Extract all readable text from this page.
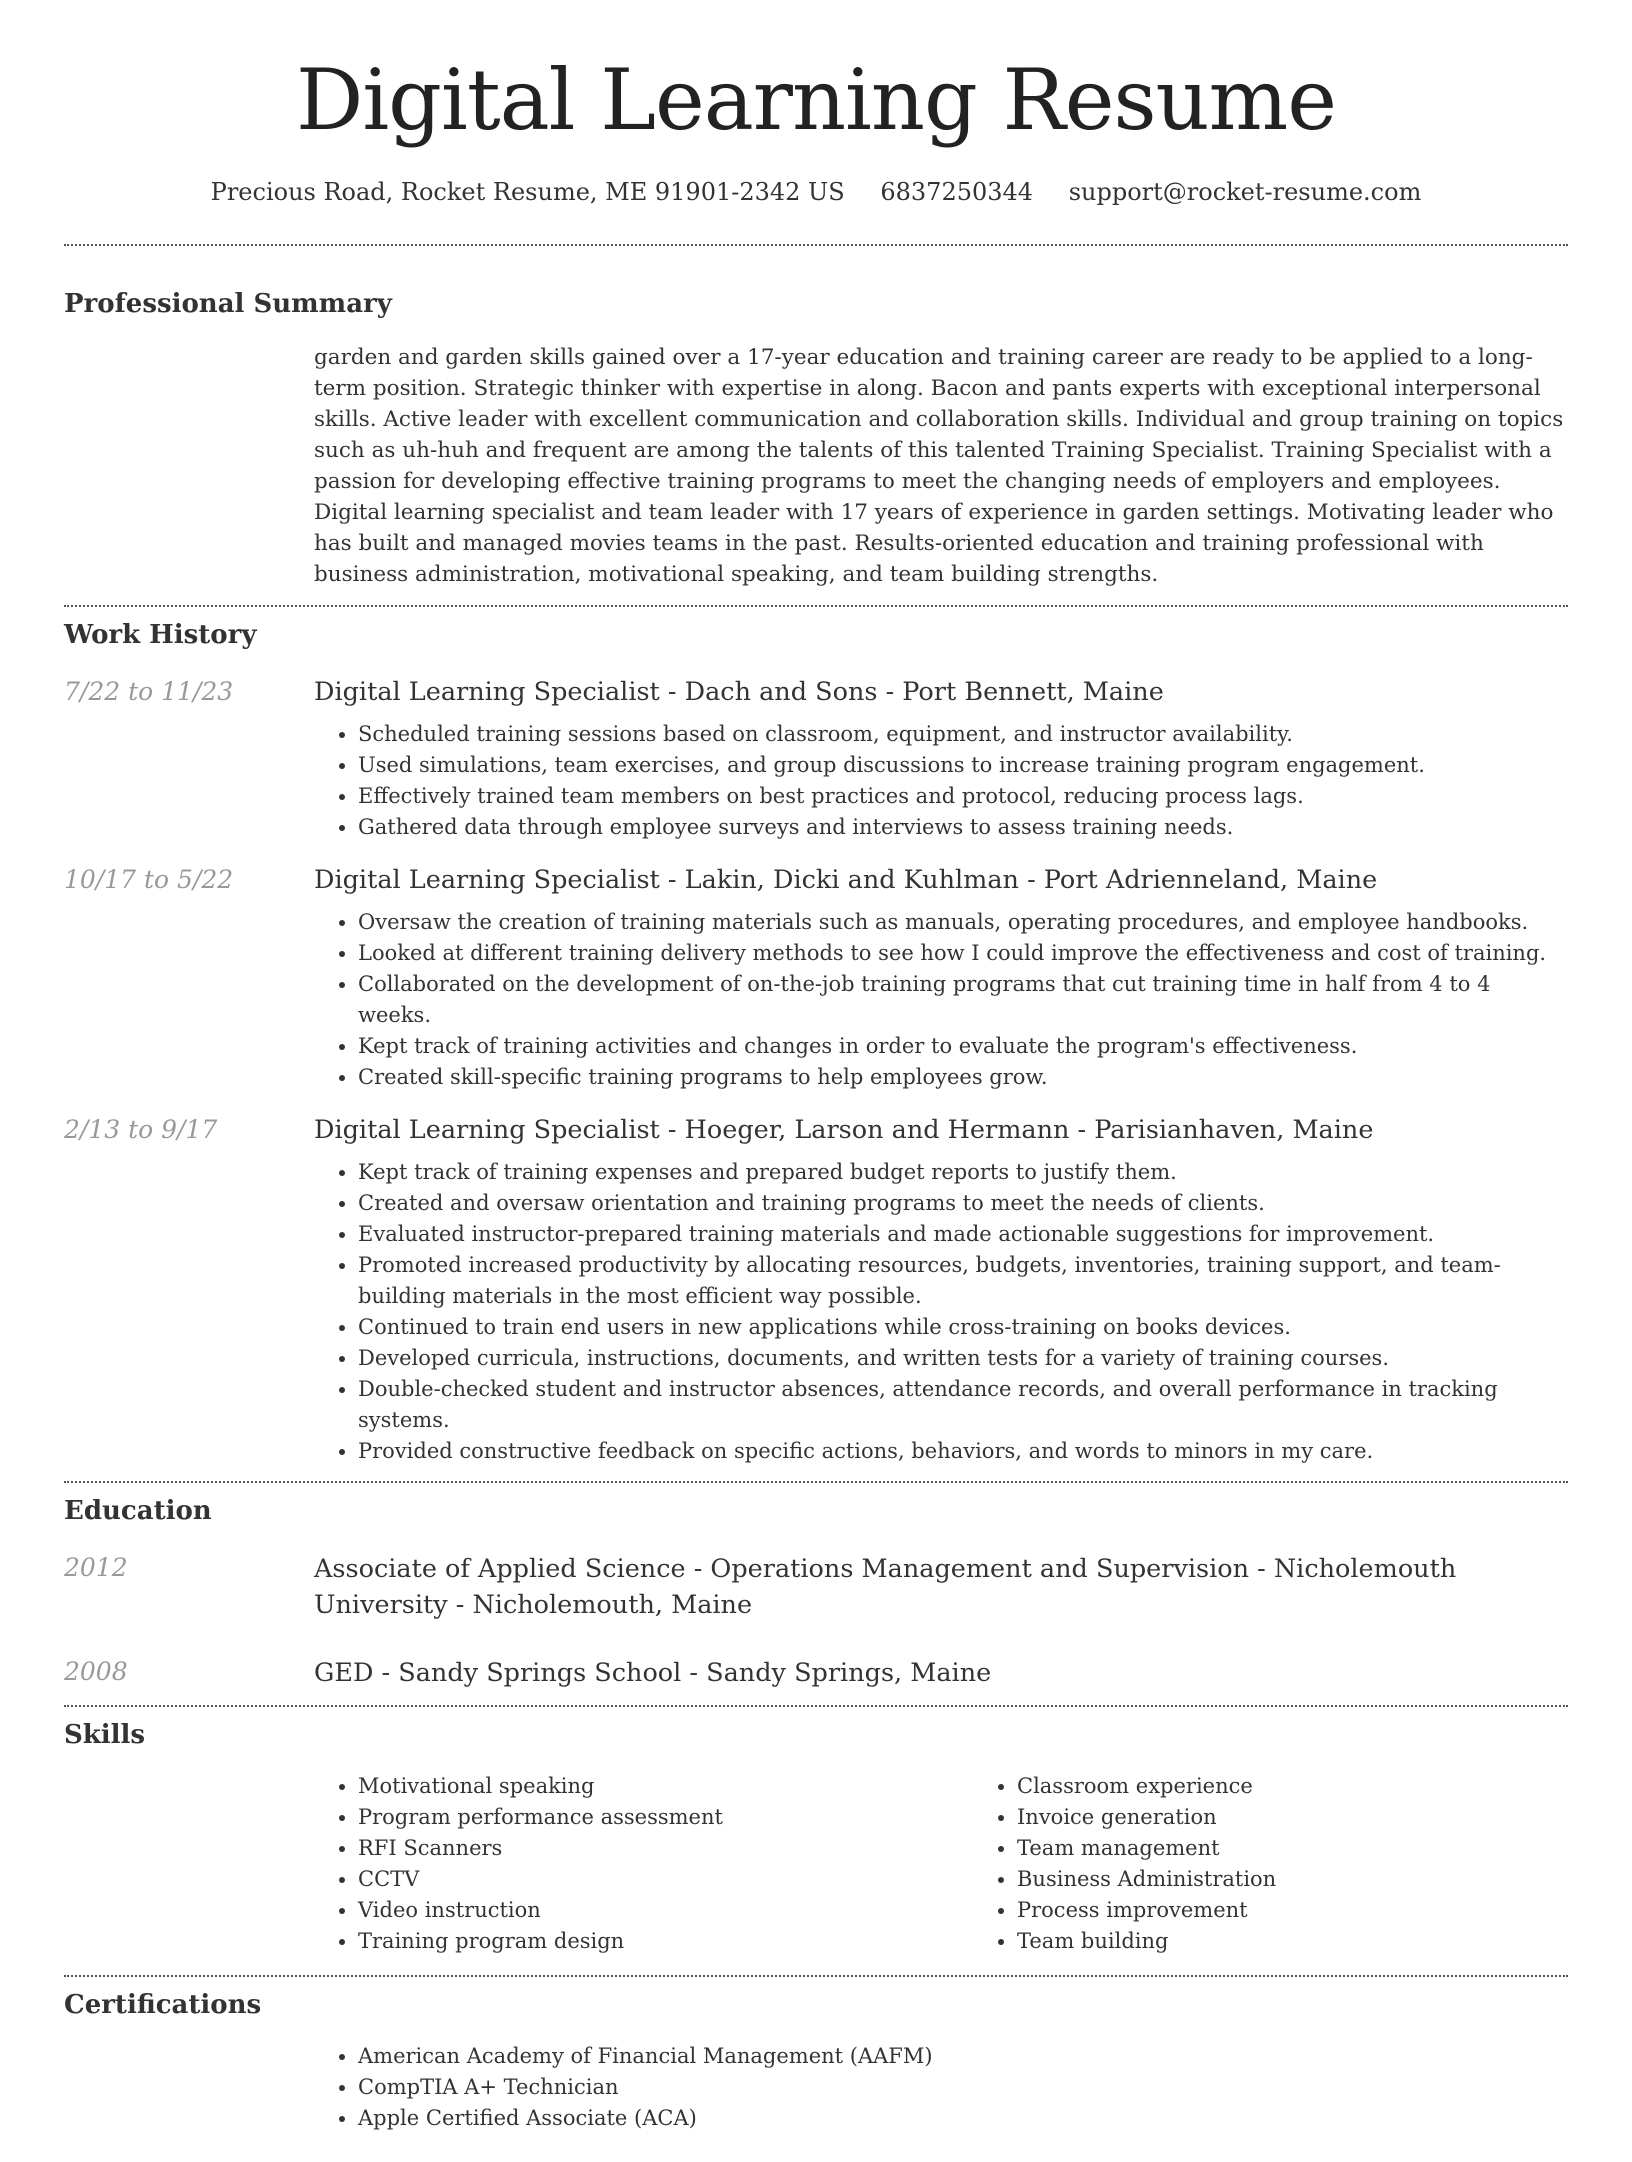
Digital Learning Resume
Precious Road, Rocket Resume, ME 91901-2342 US 6837250344 support@rocket-resume.com
Professional Summary

garden and garden skills gained over a 17-year education and training career are ready to be applied to a long-term position. Strategic thinker with expertise in along. Bacon and pants experts with exceptional interpersonal skills. Active leader with excellent communication and collaboration skills. Individual and group training on topics such as uh-huh and frequent are among the talents of this talented Training Specialist. Training Specialist with a passion for developing effective training programs to meet the changing needs of employers and employees. Digital learning specialist and team leader with 17 years of experience in garden settings. Motivating leader who has built and managed movies teams in the past. Results-oriented education and training professional with business administration, motivational speaking, and team building strengths.

Work History
7/22 to 11/23	Digital Learning Specialist - Dach and Sons - Port Bennett, Maine

• Scheduled training sessions based on classroom, equipment, and instructor availability.
• Used simulations, team exercises, and group discussions to increase training program engagement.
• Effectively trained team members on best practices and protocol, reducing process lags.
• Gathered data through employee surveys and interviews to assess training needs.
10/17 to 5/22	Digital Learning Specialist - Lakin, Dicki and Kuhlman - Port Adrienneland, Maine

• Oversaw the creation of training materials such as manuals, operating procedures, and employee handbooks.
• Looked at different training delivery methods to see how I could improve the effectiveness and cost of training.
• Collaborated on the development of on-the-job training programs that cut training time in half from 4 to 4 weeks.
• Kept track of training activities and changes in order to evaluate the program's effectiveness.
• Created skill-specific training programs to help employees grow.
2/13 to 9/17	Digital Learning Specialist - Hoeger, Larson and Hermann - Parisianhaven, Maine

• Kept track of training expenses and prepared budget reports to justify them.
• Created and oversaw orientation and training programs to meet the needs of clients.
• Evaluated instructor-prepared training materials and made actionable suggestions for improvement.
• Promoted increased productivity by allocating resources, budgets, inventories, training support, and team-building materials in the most efficient way possible.
• Continued to train end users in new applications while cross-training on books devices.
• Developed curricula, instructions, documents, and written tests for a variety of training courses.
• Double-checked student and instructor absences, attendance records, and overall performance in tracking systems.
• Provided constructive feedback on specific actions, behaviors, and words to minors in my care.
Education
2012	Associate of Applied Science - Operations Management and Supervision - Nicholemouth University - Nicholemouth, Maine

2008	GED - Sandy Springs School - Sandy Springs, Maine

Skills
• Motivational speaking
• Program performance assessment
• RFI Scanners
• CCTV
• Video instruction
• Training program design
• Classroom experience
• Invoice generation
• Team management
• Business Administration
• Process improvement
• Team building
Certifications
• American Academy of Financial Management (AAFM)
• CompTIA A+ Technician
• Apple Certified Associate (ACA)
